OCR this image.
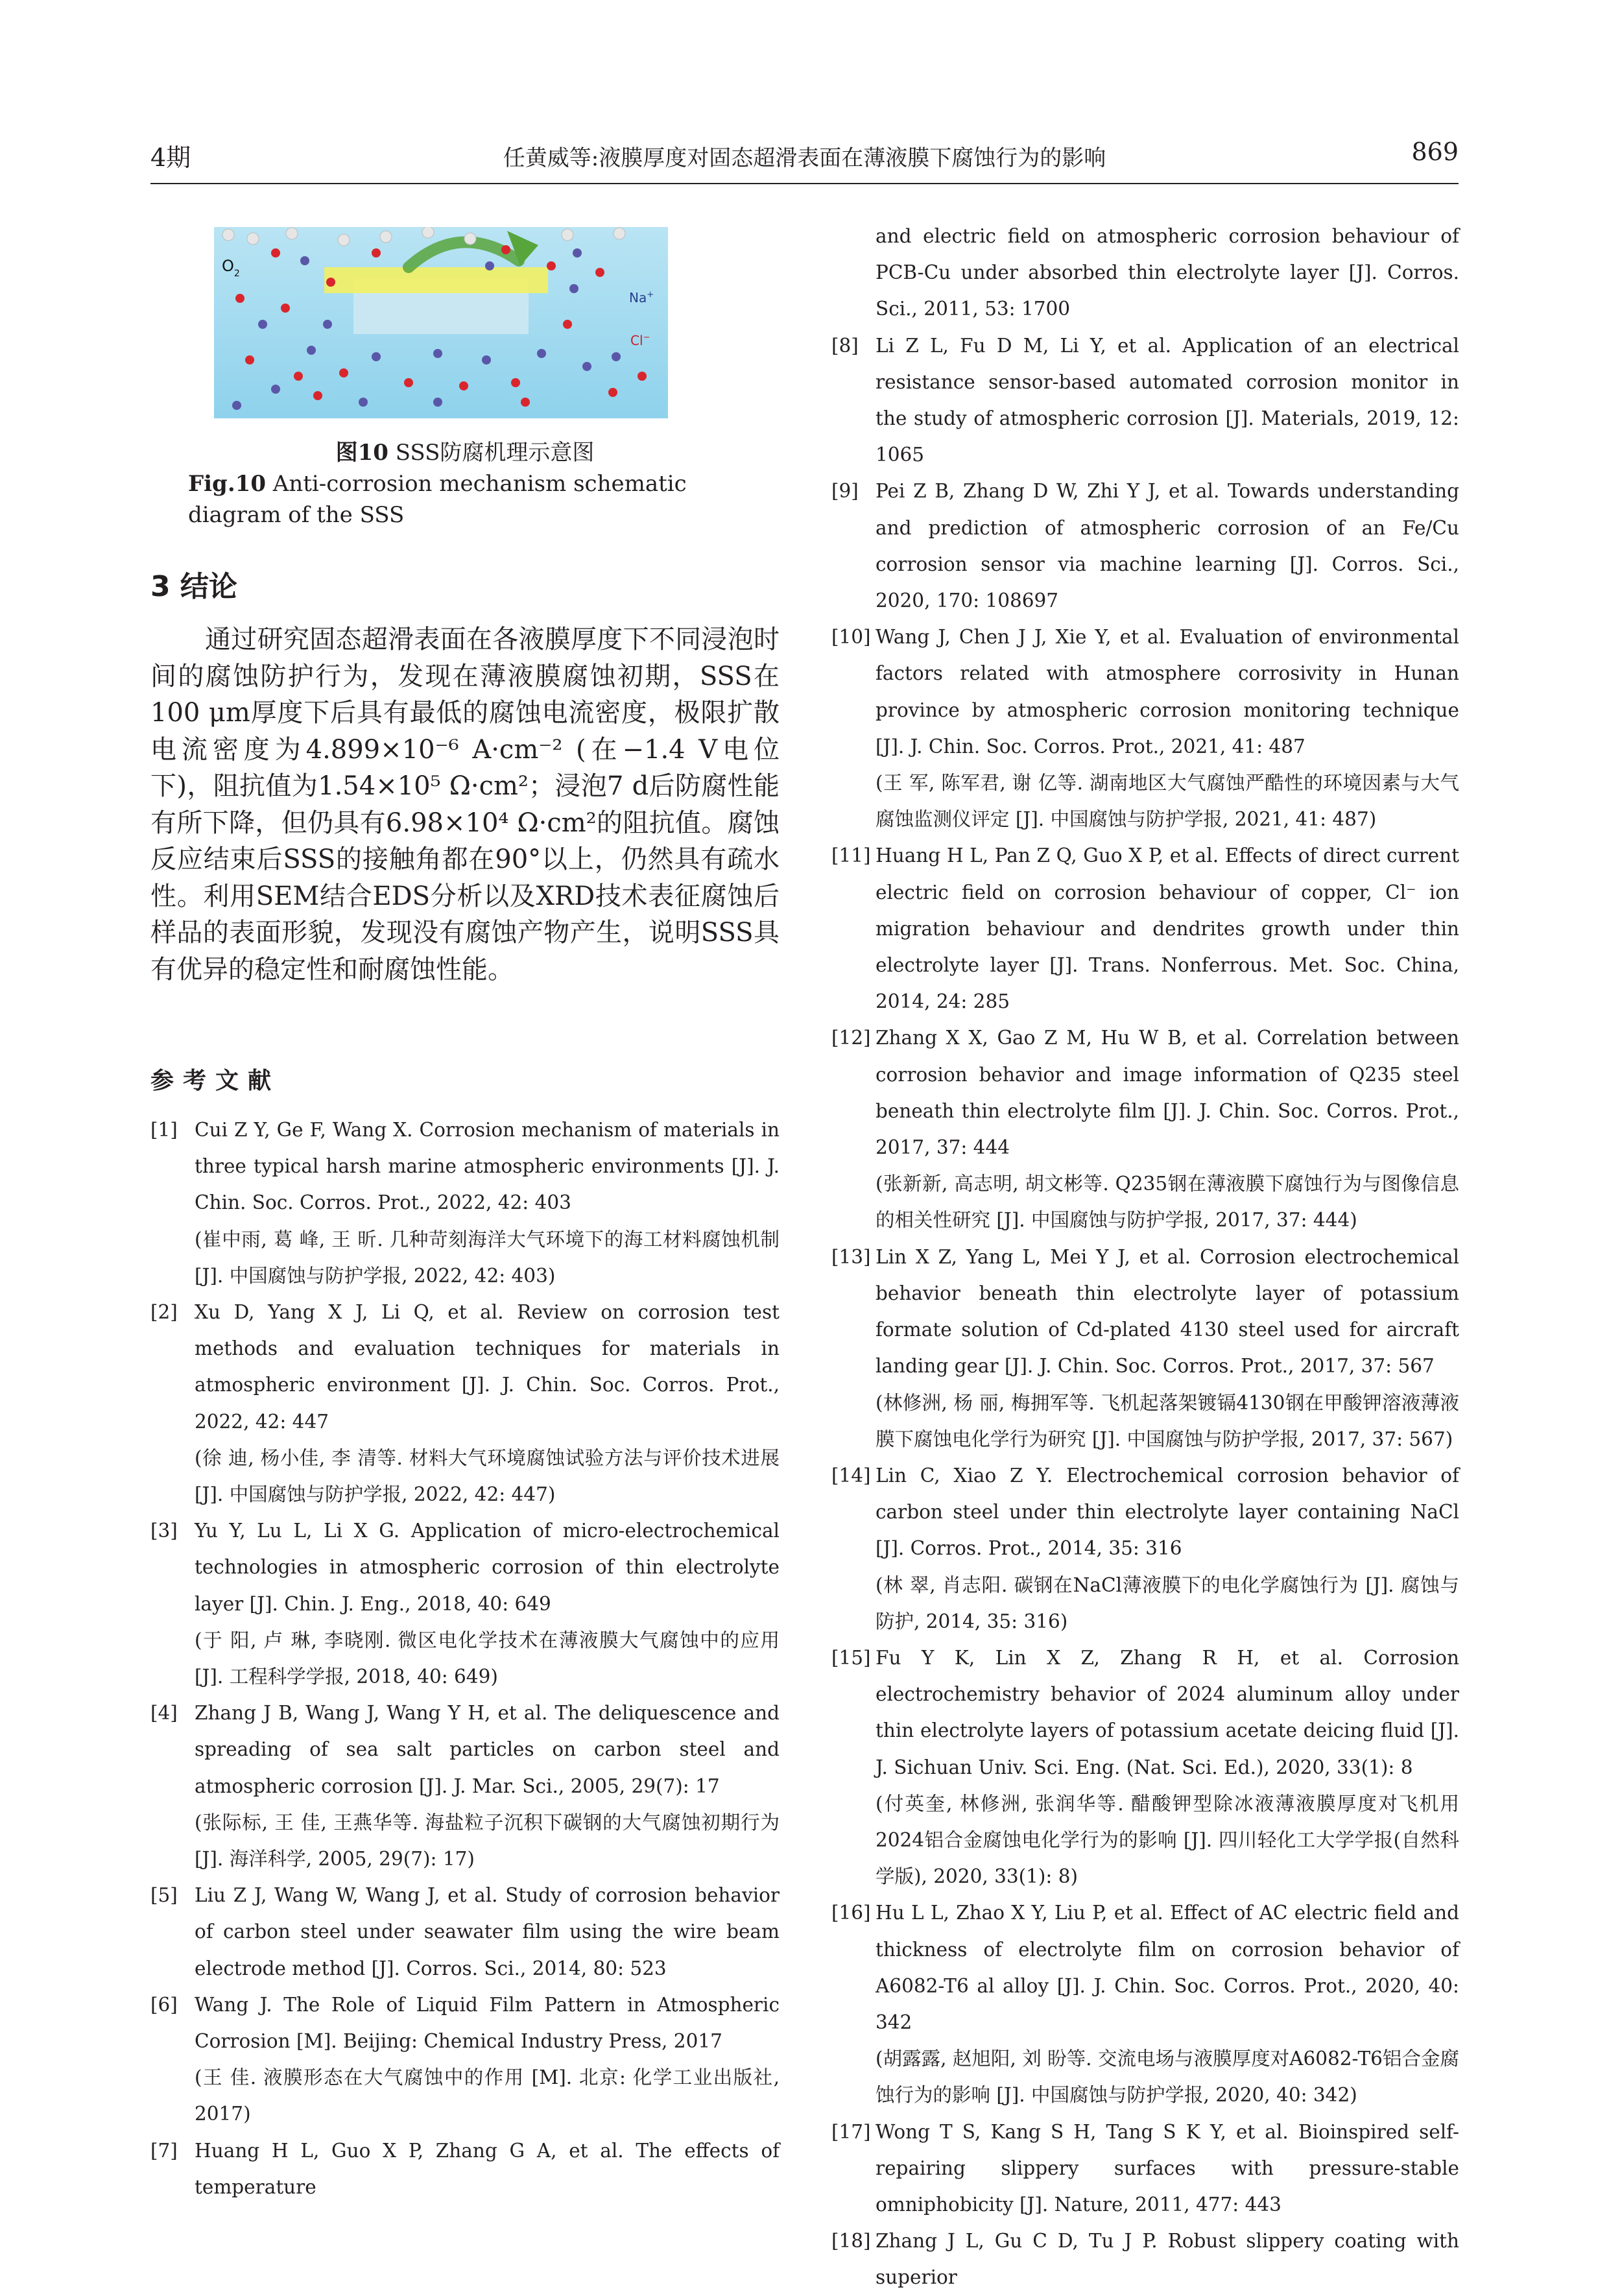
4期	任黄威等:液膜厚度对固态超滑表面在薄液膜下腐蚀行为的影响	869
$O_2$
Na+
Cl−
图10 SSS防腐机理示意图
Fig.10 Anti-corrosion mechanism schematic diagram of the SSS
3 结论
通过研究固态超滑表面在各液膜厚度下不同浸泡时间的腐蚀防护行为，发现在薄液膜腐蚀初期，SSS在100 μm厚度下后具有最低的腐蚀电流密度，极限扩散电流密度为4.899×10⁻⁶ A·cm⁻² (在−1.4 V电位下)，阻抗值为1.54×10⁵ Ω·cm²；浸泡7 d后防腐性能有所下降，但仍具有6.98×10⁴ Ω·cm²的阻抗值。腐蚀反应结束后SSS的接触角都在90°以上，仍然具有疏水性。利用SEM结合EDS分析以及XRD技术表征腐蚀后样品的表面形貌，发现没有腐蚀产物产生，说明SSS具有优异的稳定性和耐腐蚀性能。
参考文献
[1] Cui Z Y, Ge F, Wang X. Corrosion mechanism of materials in three typical harsh marine atmospheric environments [J]. J. Chin. Soc. Corros. Prot., 2022, 42: 403
(崔中雨, 葛 峰, 王 昕. 几种苛刻海洋大气环境下的海工材料腐蚀机制 [J]. 中国腐蚀与防护学报, 2022, 42: 403)
[2] Xu D, Yang X J, Li Q, et al. Review on corrosion test methods and evaluation techniques for materials in atmospheric environment [J]. J. Chin. Soc. Corros. Prot., 2022, 42: 447
(徐 迪, 杨小佳, 李 清等. 材料大气环境腐蚀试验方法与评价技术进展 [J]. 中国腐蚀与防护学报, 2022, 42: 447)
[3] Yu Y, Lu L, Li X G. Application of micro-electrochemical technologies in atmospheric corrosion of thin electrolyte layer [J]. Chin. J. Eng., 2018, 40: 649
(于 阳, 卢 琳, 李晓刚. 微区电化学技术在薄液膜大气腐蚀中的应用 [J]. 工程科学学报, 2018, 40: 649)
[4] Zhang J B, Wang J, Wang Y H, et al. The deliquescence and spreading of sea salt particles on carbon steel and atmospheric corrosion [J]. J. Mar. Sci., 2005, 29(7): 17
(张际标, 王 佳, 王燕华等. 海盐粒子沉积下碳钢的大气腐蚀初期行为 [J]. 海洋科学, 2005, 29(7): 17)
[5] Liu Z J, Wang W, Wang J, et al. Study of corrosion behavior of carbon steel under seawater film using the wire beam electrode method [J]. Corros. Sci., 2014, 80: 523
[6] Wang J. The Role of Liquid Film Pattern in Atmospheric Corrosion [M]. Beijing: Chemical Industry Press, 2017
(王 佳. 液膜形态在大气腐蚀中的作用 [M]. 北京: 化学工业出版社, 2017)
[7] Huang H L, Guo X P, Zhang G A, et al. The effects of temperature
and electric field on atmospheric corrosion behaviour of PCB-Cu under absorbed thin electrolyte layer [J]. Corros. Sci., 2011, 53: 1700
[8] Li Z L, Fu D M, Li Y, et al. Application of an electrical resistance sensor-based automated corrosion monitor in the study of atmospheric corrosion [J]. Materials, 2019, 12: 1065
[9] Pei Z B, Zhang D W, Zhi Y J, et al. Towards understanding and prediction of atmospheric corrosion of an Fe/Cu corrosion sensor via machine learning [J]. Corros. Sci., 2020, 170: 108697
[10] Wang J, Chen J J, Xie Y, et al. Evaluation of environmental factors related with atmosphere corrosivity in Hunan province by atmospheric corrosion monitoring technique [J]. J. Chin. Soc. Corros. Prot., 2021, 41: 487
(王 军, 陈军君, 谢 亿等. 湖南地区大气腐蚀严酷性的环境因素与大气腐蚀监测仪评定 [J]. 中国腐蚀与防护学报, 2021, 41: 487)
[11] Huang H L, Pan Z Q, Guo X P, et al. Effects of direct current electric field on corrosion behaviour of copper, Cl⁻ ion migration behaviour and dendrites growth under thin electrolyte layer [J]. Trans. Nonferrous. Met. Soc. China, 2014, 24: 285
[12] Zhang X X, Gao Z M, Hu W B, et al. Correlation between corrosion behavior and image information of Q235 steel beneath thin electrolyte film [J]. J. Chin. Soc. Corros. Prot., 2017, 37: 444
(张新新, 高志明, 胡文彬等. Q235钢在薄液膜下腐蚀行为与图像信息的相关性研究 [J]. 中国腐蚀与防护学报, 2017, 37: 444)
[13] Lin X Z, Yang L, Mei Y J, et al. Corrosion electrochemical behavior beneath thin electrolyte layer of potassium formate solution of Cd-plated 4130 steel used for aircraft landing gear [J]. J. Chin. Soc. Corros. Prot., 2017, 37: 567
(林修洲, 杨 丽, 梅拥军等. 飞机起落架镀镉4130钢在甲酸钾溶液薄液膜下腐蚀电化学行为研究 [J]. 中国腐蚀与防护学报, 2017, 37: 567)
[14] Lin C, Xiao Z Y. Electrochemical corrosion behavior of carbon steel under thin electrolyte layer containing NaCl [J]. Corros. Prot., 2014, 35: 316
(林 翠, 肖志阳. 碳钢在NaCl薄液膜下的电化学腐蚀行为 [J]. 腐蚀与防护, 2014, 35: 316)
[15] Fu Y K, Lin X Z, Zhang R H, et al. Corrosion electrochemistry behavior of 2024 aluminum alloy under thin electrolyte layers of potassium acetate deicing fluid [J]. J. Sichuan Univ. Sci. Eng. (Nat. Sci. Ed.), 2020, 33(1): 8
(付英奎, 林修洲, 张润华等. 醋酸钾型除冰液薄液膜厚度对飞机用2024铝合金腐蚀电化学行为的影响 [J]. 四川轻化工大学学报(自然科学版), 2020, 33(1): 8)
[16] Hu L L, Zhao X Y, Liu P, et al. Effect of AC electric field and thickness of electrolyte film on corrosion behavior of A6082-T6 al alloy [J]. J. Chin. Soc. Corros. Prot., 2020, 40: 342
(胡露露, 赵旭阳, 刘 盼等. 交流电场与液膜厚度对A6082-T6铝合金腐蚀行为的影响 [J]. 中国腐蚀与防护学报, 2020, 40: 342)
[17] Wong T S, Kang S H, Tang S K Y, et al. Bioinspired self-repairing slippery surfaces with pressure-stable omniphobicity [J]. Nature, 2011, 477: 443
[18] Zhang J L, Gu C D, Tu J P. Robust slippery coating with superior
